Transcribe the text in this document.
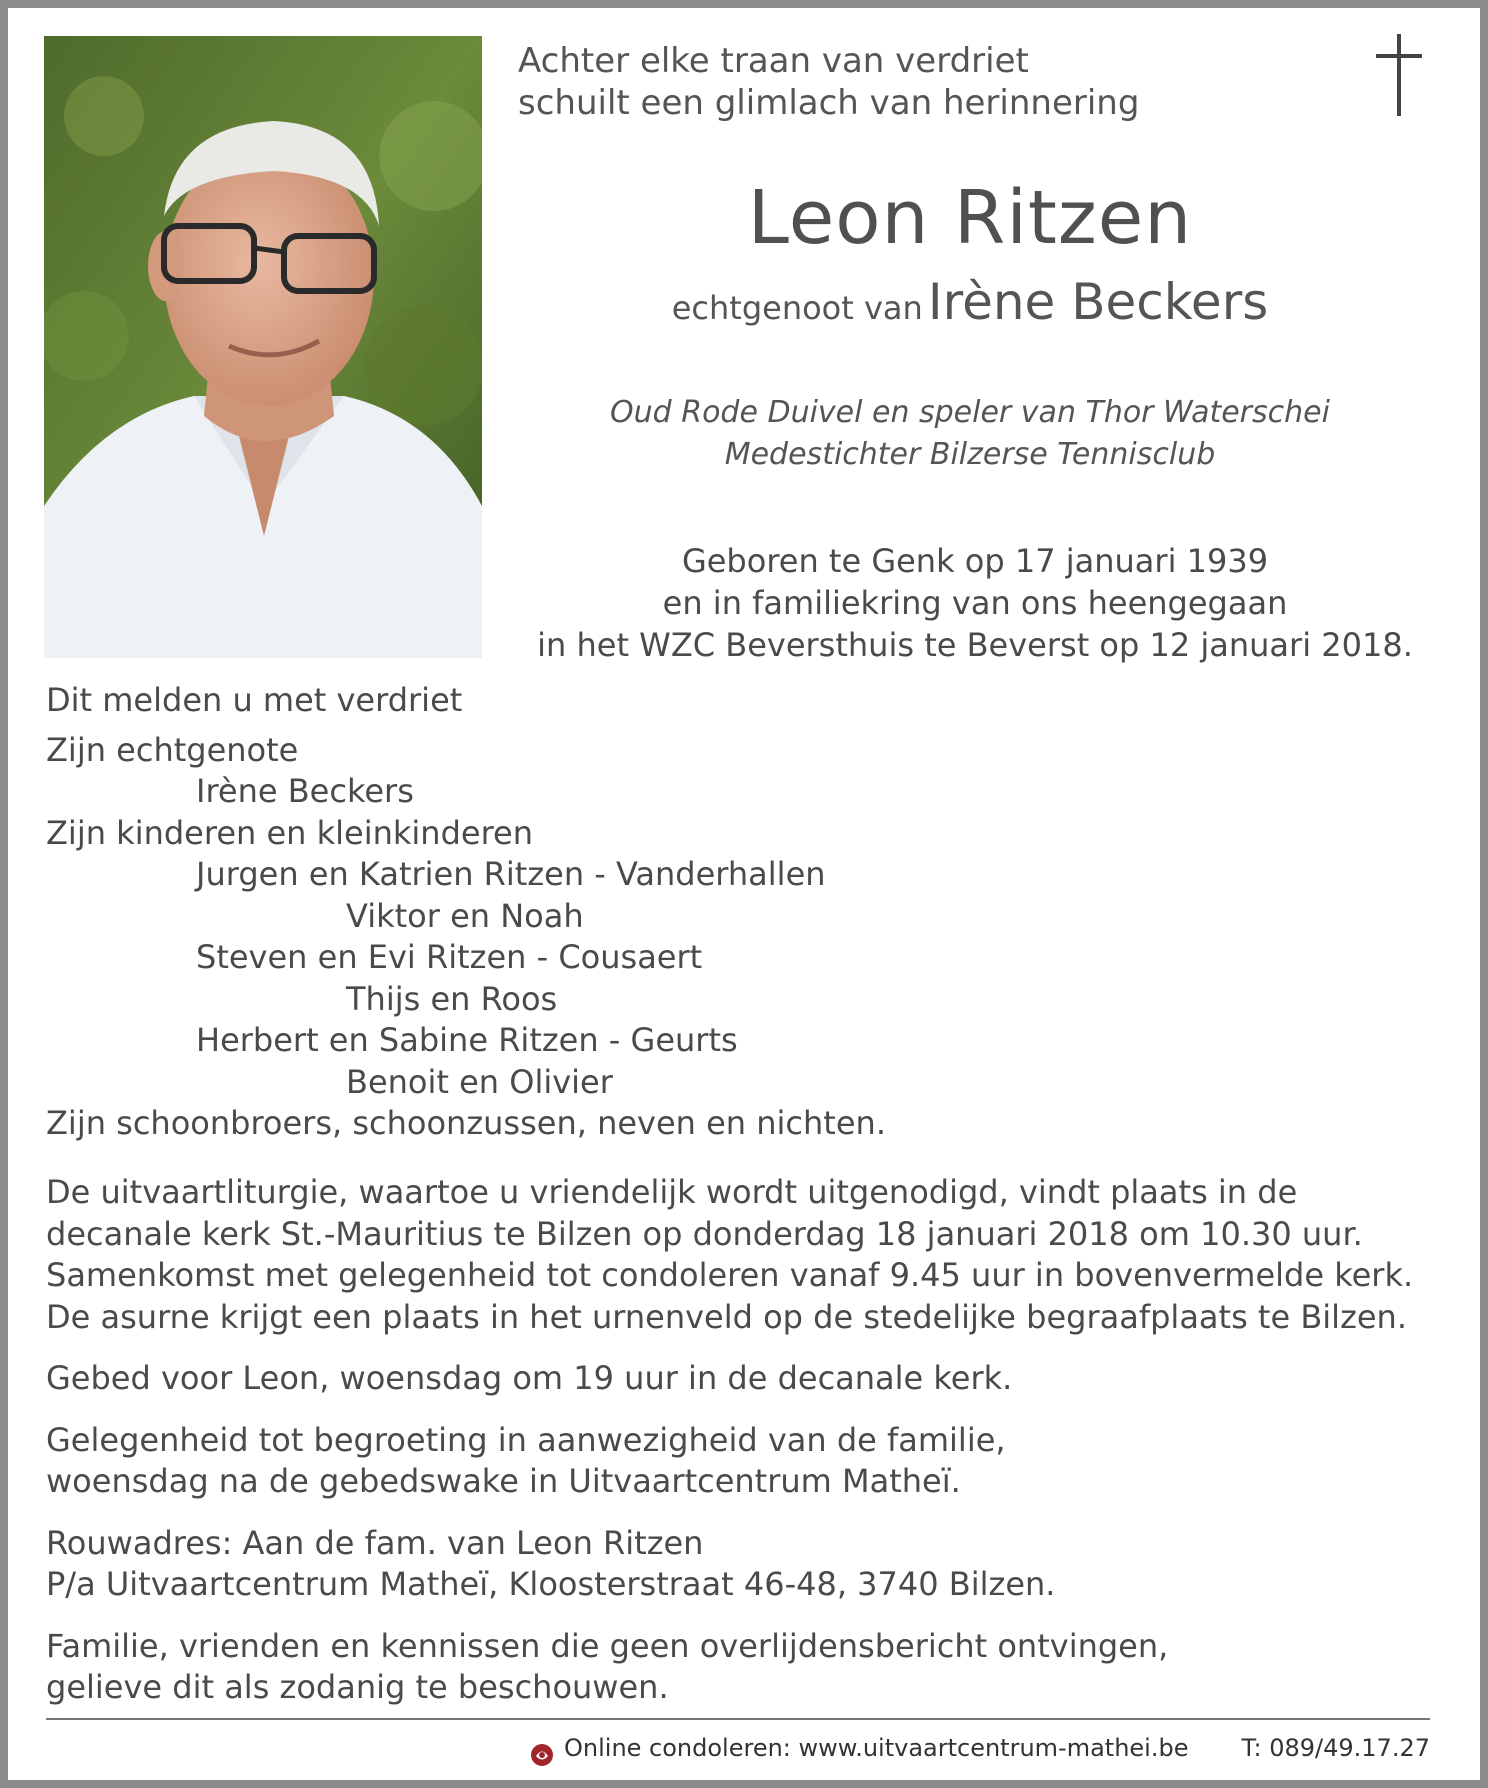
Achter elke traan van verdriet
schuilt een glimlach van herinnering
Leon Ritzen
echtgenoot van Irène Beckers
Oud Rode Duivel en speler van Thor Waterschei
Medestichter Bilzerse Tennisclub
Geboren te Genk op 17 januari 1939
en in familiekring van ons heengegaan
in het WZC Beversthuis te Beverst op 12 januari 2018.
Dit melden u met verdriet
Zijn echtgenote
Irène Beckers
Zijn kinderen en kleinkinderen
Jurgen en Katrien Ritzen - Vanderhallen
Viktor en Noah
Steven en Evi Ritzen - Cousaert
Thijs en Roos
Herbert en Sabine Ritzen - Geurts
Benoit en Olivier
Zijn schoonbroers, schoonzussen, neven en nichten.

De uitvaartliturgie, waartoe u vriendelijk wordt uitgenodigd, vindt plaats in de
decanale kerk St.-Mauritius te Bilzen op donderdag 18 januari 2018 om 10.30 uur.
Samenkomst met gelegenheid tot condoleren vanaf 9.45 uur in bovenvermelde kerk.
De asurne krijgt een plaats in het urnenveld op de stedelijke begraafplaats te Bilzen.

Gebed voor Leon, woensdag om 19 uur in de decanale kerk.

Gelegenheid tot begroeting in aanwezigheid van de familie,
woensdag na de gebedswake in Uitvaartcentrum Matheï.

Rouwadres: Aan de fam. van Leon Ritzen
P/a Uitvaartcentrum Matheï, Kloosterstraat 46-48, 3740 Bilzen.

Familie, vrienden en kennissen die geen overlijdensbericht ontvingen,
gelieve dit als zodanig te beschouwen.

Online condoleren: www.uitvaartcentrum-mathei.be T: 089/49.17.27
